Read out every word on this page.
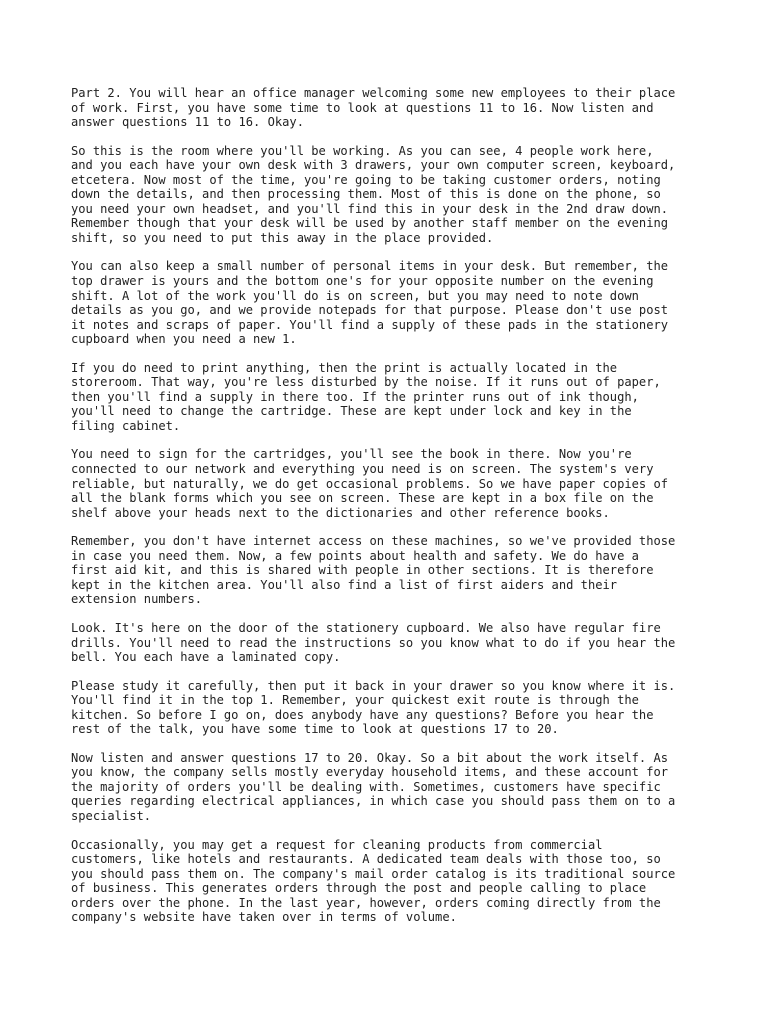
Part 2. You will hear an office manager welcoming some new employees to their place
of work. First, you have some time to look at questions 11 to 16. Now listen and
answer questions 11 to 16. Okay.

So this is the room where you'll be working. As you can see, 4 people work here,
and you each have your own desk with 3 drawers, your own computer screen, keyboard,
etcetera. Now most of the time, you're going to be taking customer orders, noting
down the details, and then processing them. Most of this is done on the phone, so
you need your own headset, and you'll find this in your desk in the 2nd draw down.
Remember though that your desk will be used by another staff member on the evening
shift, so you need to put this away in the place provided.

You can also keep a small number of personal items in your desk. But remember, the
top drawer is yours and the bottom one's for your opposite number on the evening
shift. A lot of the work you'll do is on screen, but you may need to note down
details as you go, and we provide notepads for that purpose. Please don't use post
it notes and scraps of paper. You'll find a supply of these pads in the stationery
cupboard when you need a new 1.

If you do need to print anything, then the print is actually located in the
storeroom. That way, you're less disturbed by the noise. If it runs out of paper,
then you'll find a supply in there too. If the printer runs out of ink though,
you'll need to change the cartridge. These are kept under lock and key in the
filing cabinet.

You need to sign for the cartridges, you'll see the book in there. Now you're
connected to our network and everything you need is on screen. The system's very
reliable, but naturally, we do get occasional problems. So we have paper copies of
all the blank forms which you see on screen. These are kept in a box file on the
shelf above your heads next to the dictionaries and other reference books.

Remember, you don't have internet access on these machines, so we've provided those
in case you need them. Now, a few points about health and safety. We do have a
first aid kit, and this is shared with people in other sections. It is therefore
kept in the kitchen area. You'll also find a list of first aiders and their
extension numbers.

Look. It's here on the door of the stationery cupboard. We also have regular fire
drills. You'll need to read the instructions so you know what to do if you hear the
bell. You each have a laminated copy.

Please study it carefully, then put it back in your drawer so you know where it is.
You'll find it in the top 1. Remember, your quickest exit route is through the
kitchen. So before I go on, does anybody have any questions? Before you hear the
rest of the talk, you have some time to look at questions 17 to 20.

Now listen and answer questions 17 to 20. Okay. So a bit about the work itself. As
you know, the company sells mostly everyday household items, and these account for
the majority of orders you'll be dealing with. Sometimes, customers have specific
queries regarding electrical appliances, in which case you should pass them on to a
specialist.

Occasionally, you may get a request for cleaning products from commercial
customers, like hotels and restaurants. A dedicated team deals with those too, so
you should pass them on. The company's mail order catalog is its traditional source
of business. This generates orders through the post and people calling to place
orders over the phone. In the last year, however, orders coming directly from the
company's website have taken over in terms of volume.
